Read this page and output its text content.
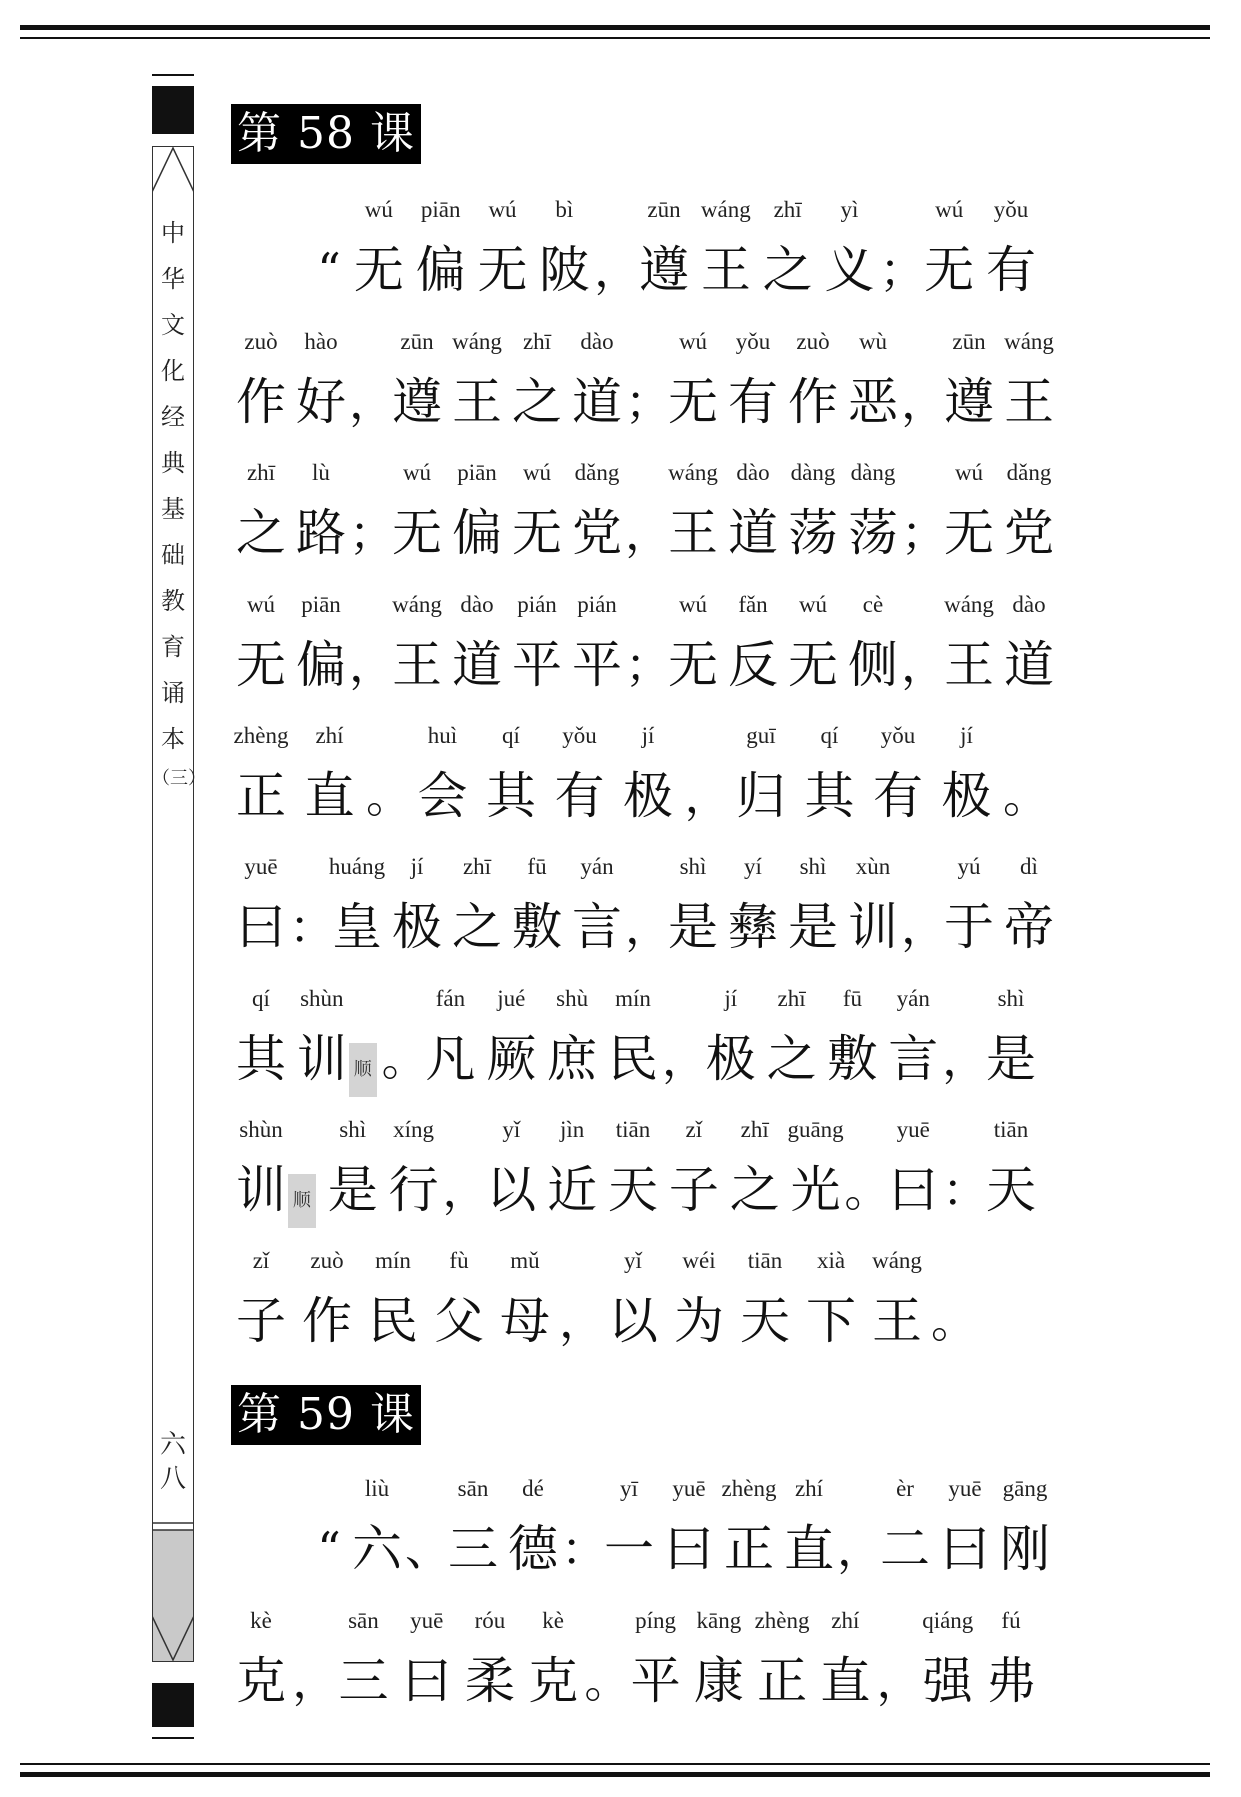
中
华
文
化
经
典
基
础
教
育
诵
本
（三）
六
八
第 58 课
第 59 课
“
wú
无
piān
偏
wú
无
bì
陂 ，
zūn
遵
wáng
王
zhī
之
yì
义 ；
wú
无
yǒu
有
zuò
作
hào
好 ，
zūn
遵
wáng
王
zhī
之
dào
道 ；
wú
无
yǒu
有
zuò
作
wù
恶 ，
zūn
遵
wáng
王
zhī
之
lù
路 ；
wú
无
piān
偏
wú
无
dǎng
党 ，
wáng
王
dào
道
dàng
荡
dàng
荡 ；
wú
无
dǎng
党
wú
无
piān
偏 ，
wáng
王
dào
道
pián
平
pián
平 ；
wú
无
fǎn
反
wú
无
cè
侧 ，
wáng
王
dào
道
zhèng
正
zhí
直 。
huì
会
qí
其
yǒu
有
jí
极 ，
guī
归
qí
其
yǒu
有
jí
极 。
yuē
曰 ：
huáng
皇
jí
极
zhī
之
fū
敷
yán
言 ，
shì
是
yí
彝
shì
是
xùn
训 ，
yú
于
dì
帝
qí
其
shùn
训 顺 。
fán
凡
jué
厥
shù
庶
mín
民 ，
jí
极
zhī
之
fū
敷
yán
言 ，
shì
是
shùn
训 顺
shì
是
xíng
行 ，
yǐ
以
jìn
近
tiān
天
zǐ
子
zhī
之
guāng
光 。
yuē
曰 ：
tiān
天
zǐ
子
zuò
作
mín
民
fù
父
mǔ
母 ，
yǐ
以
wéi
为
tiān
天
xià
下
wáng
王 。
“
liù
六 、
sān
三
dé
德 ：
yī
一
yuē
曰
zhèng
正
zhí
直 ，
èr
二
yuē
曰
gāng
刚
kè
克 ，
sān
三
yuē
曰
róu
柔
kè
克 。
píng
平
kāng
康
zhèng
正
zhí
直 ，
qiáng
强
fú
弗
